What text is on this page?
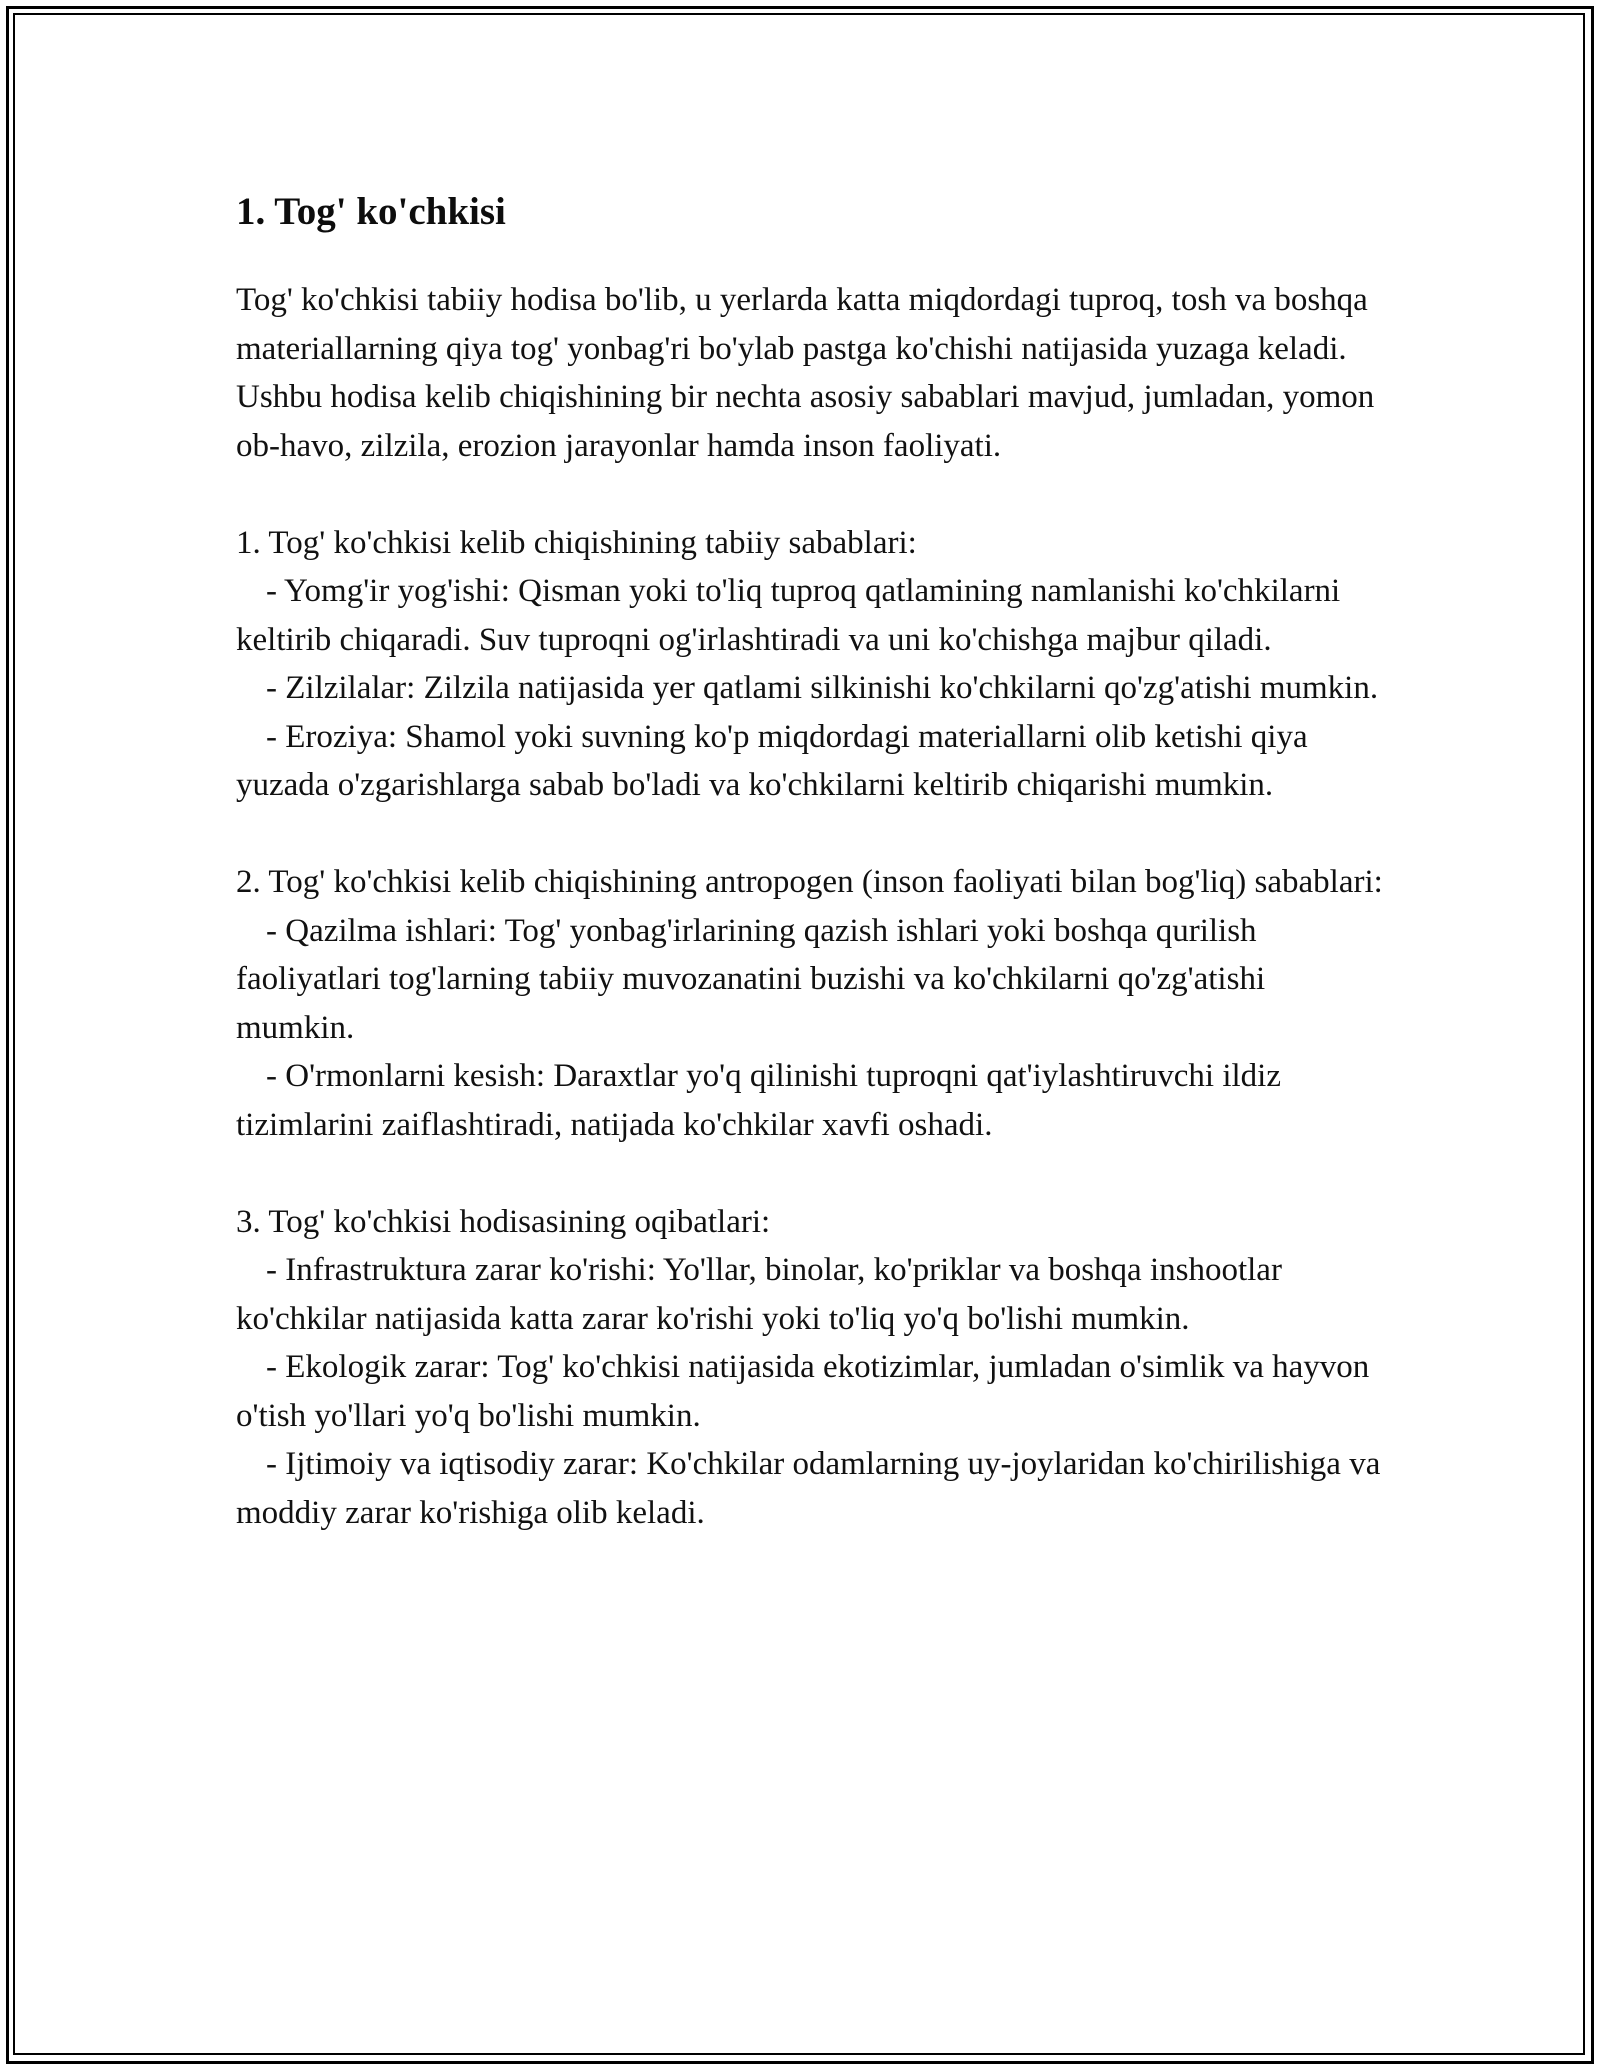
1. Tog' ko'chkisi

Tog' ko'chkisi tabiiy hodisa bo'lib, u yerlarda katta miqdordagi tuproq, tosh va boshqa materiallarning qiya tog' yonbag'ri bo'ylab pastga ko'chishi natijasida yuzaga keladi. Ushbu hodisa kelib chiqishining bir nechta asosiy sabablari mavjud, jumladan, yomon ob-havo, zilzila, erozion jarayonlar hamda inson faoliyati.

1. Tog' ko'chkisi kelib chiqishining tabiiy sabablari:

- Yomg'ir yog'ishi: Qisman yoki to'liq tuproq qatlamining namlanishi ko'chkilarni keltirib chiqaradi. Suv tuproqni og'irlashtiradi va uni ko'chishga majbur qiladi.

- Zilzilalar: Zilzila natijasida yer qatlami silkinishi ko'chkilarni qo'zg'atishi mumkin.

- Eroziya: Shamol yoki suvning ko'p miqdordagi materiallarni olib ketishi qiya yuzada o'zgarishlarga sabab bo'ladi va ko'chkilarni keltirib chiqarishi mumkin.

2. Tog' ko'chkisi kelib chiqishining antropogen (inson faoliyati bilan bog'liq) sabablari:

- Qazilma ishlari: Tog' yonbag'irlarining qazish ishlari yoki boshqa qurilish faoliyatlari tog'larning tabiiy muvozanatini buzishi va ko'chkilarni qo'zg'atishi mumkin.

- O'rmonlarni kesish: Daraxtlar yo'q qilinishi tuproqni qat'iylashtiruvchi ildiz tizimlarini zaiflashtiradi, natijada ko'chkilar xavfi oshadi.

3. Tog' ko'chkisi hodisasining oqibatlari:

- Infrastruktura zarar ko'rishi: Yo'llar, binolar, ko'priklar va boshqa inshootlar ko'chkilar natijasida katta zarar ko'rishi yoki to'liq yo'q bo'lishi mumkin.

- Ekologik zarar: Tog' ko'chkisi natijasida ekotizimlar, jumladan o'simlik va hayvon o'tish yo'llari yo'q bo'lishi mumkin.

- Ijtimoiy va iqtisodiy zarar: Ko'chkilar odamlarning uy-joylaridan ko'chirilishiga va moddiy zarar ko'rishiga olib keladi.
